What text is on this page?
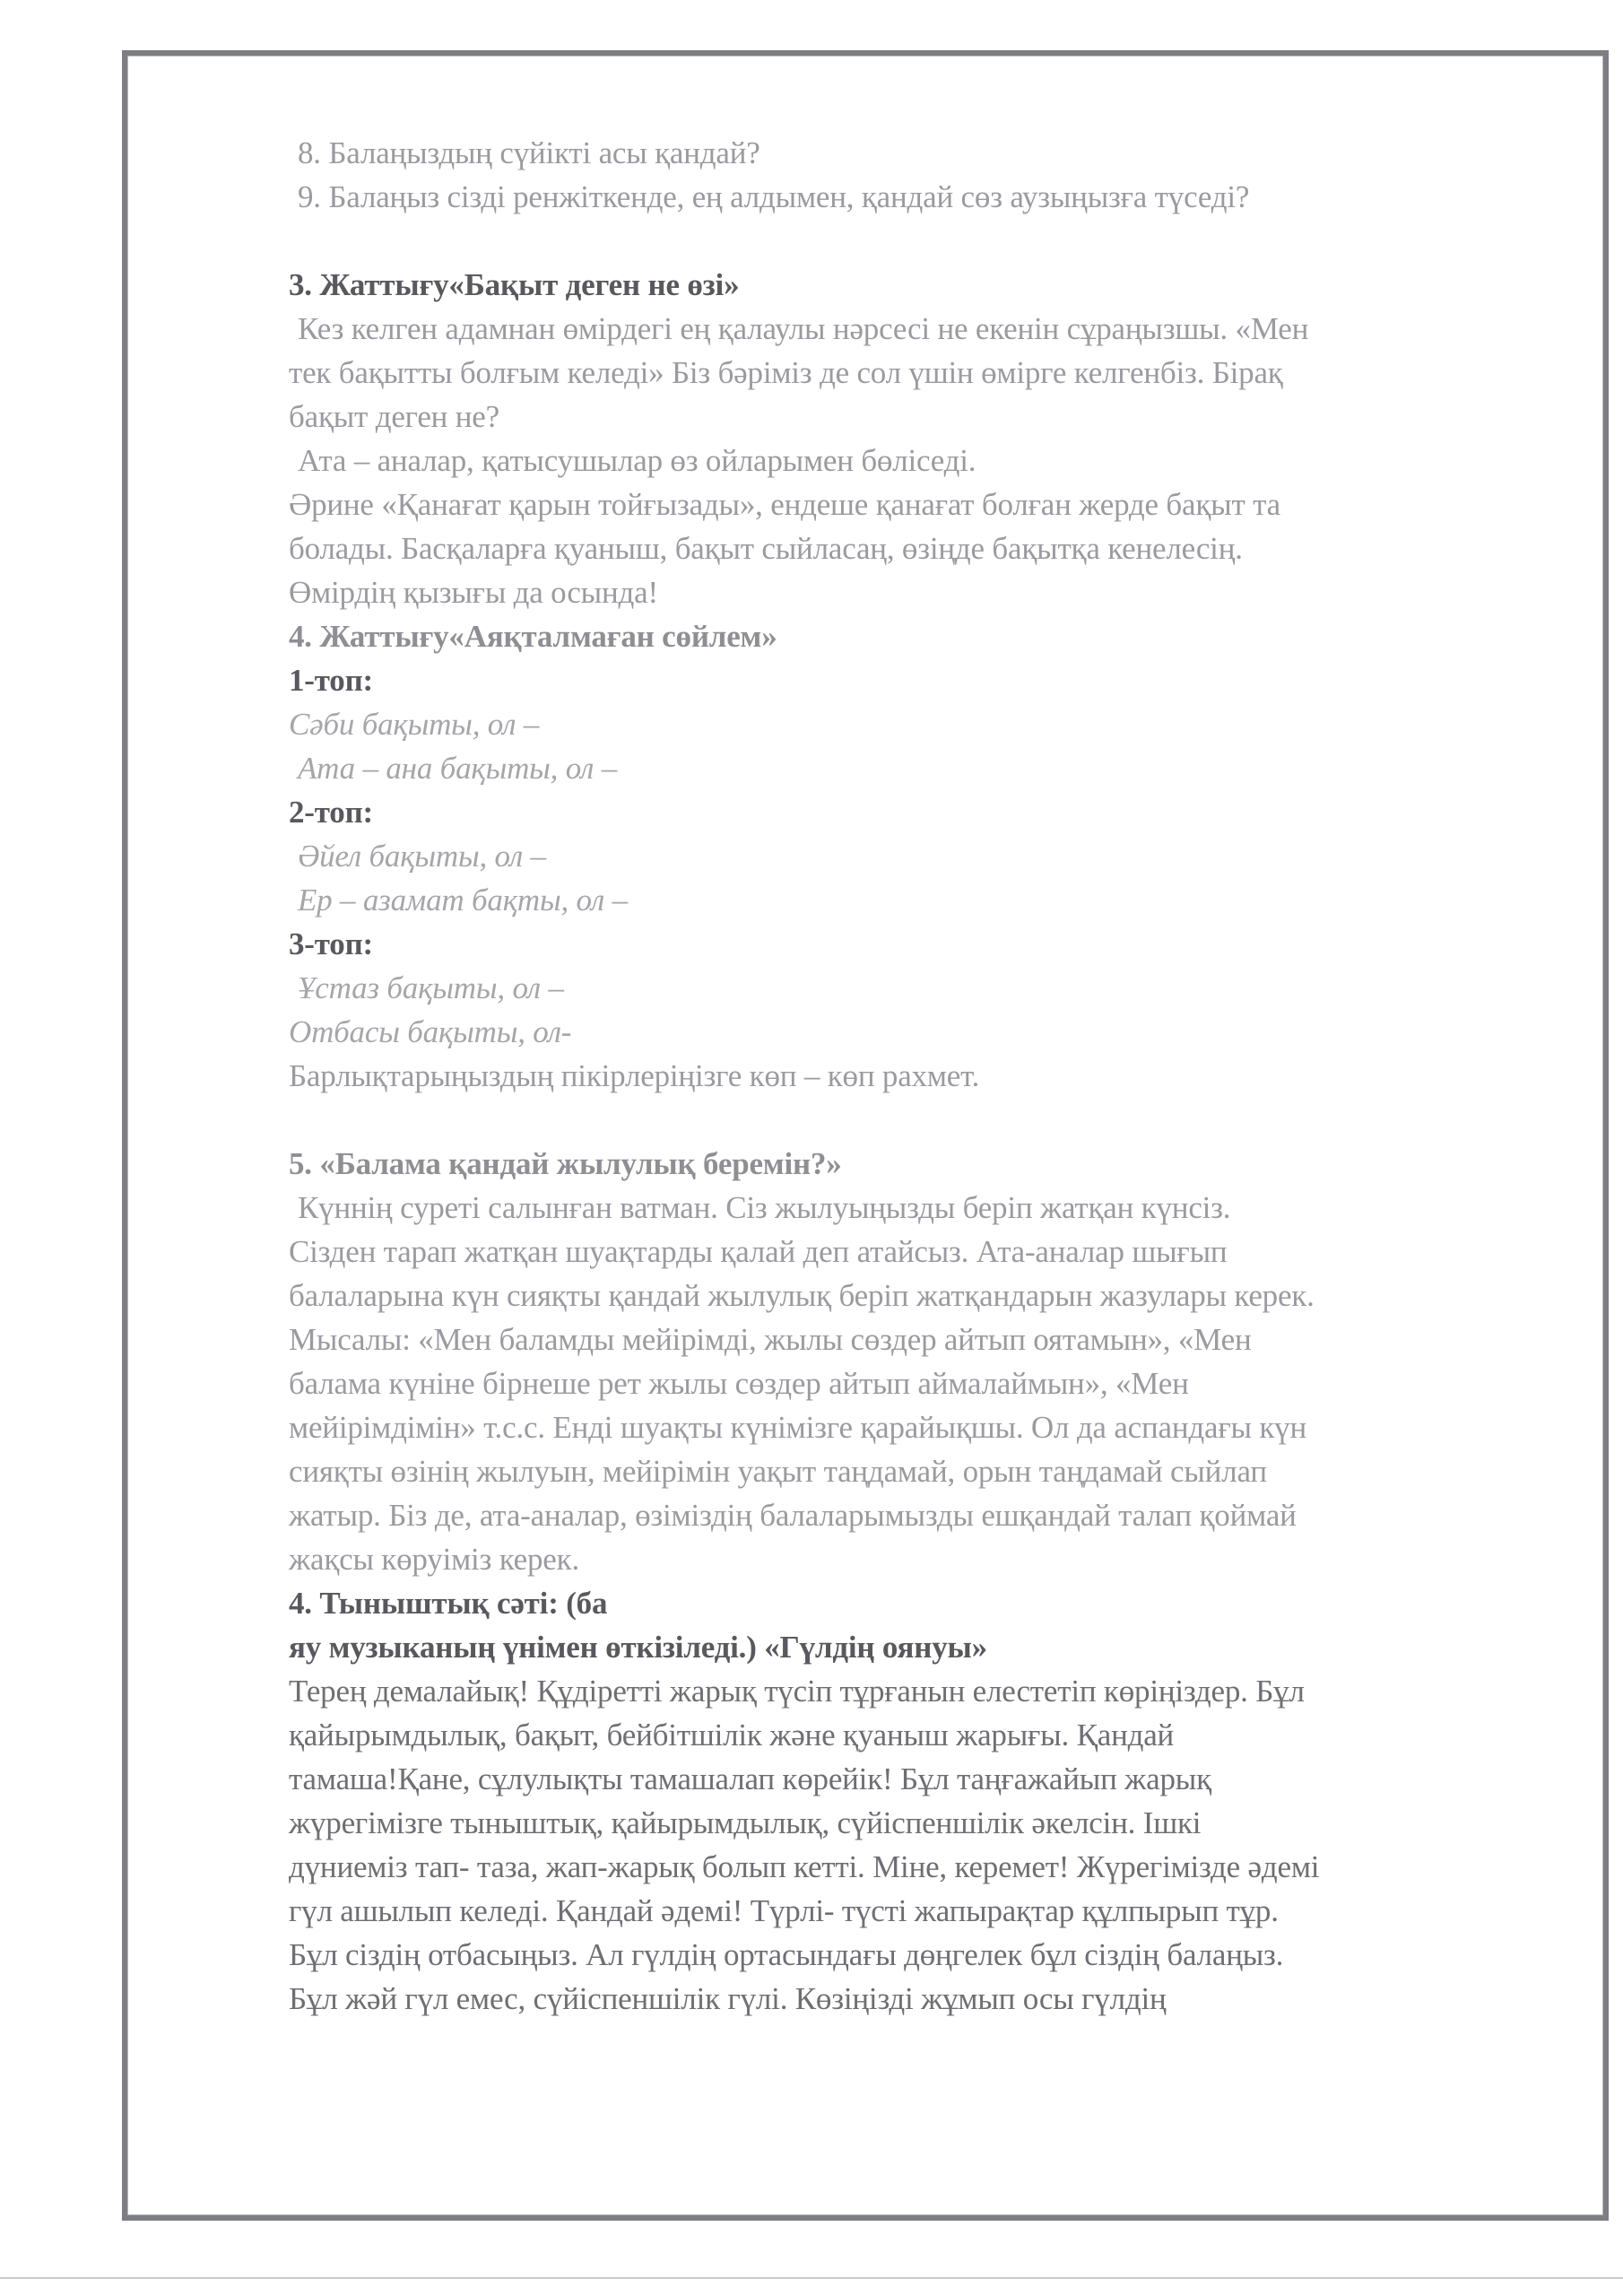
8. Балаңыздың сүйікті асы қандай?
9. Балаңыз сізді ренжіткенде, ең алдымен, қандай сөз аузыңызға түседі?
3. Жаттығу«Бақыт деген не өзі»
Кез келген адамнан өмірдегі ең қалаулы нәрсесі не екенін сұраңызшы. «Мен
тек бақытты болғым келеді» Біз бәріміз де сол үшін өмірге келгенбіз. Бірақ
бақыт деген не?
Ата – аналар, қатысушылар өз ойларымен бөліседі.
Әрине «Қанағат қарын тойғызады», ендеше қанағат болған жерде бақыт та
болады. Басқаларға қуаныш, бақыт сыйласаң, өзіңде бақытқа кенелесің.
Өмірдің қызығы да осында!
4. Жаттығу«Аяқталмаған сөйлем»
1-топ:
Сәби бақыты, ол –
Ата – ана бақыты, ол –
2-топ:
Әйел бақыты, ол –
Ер – азамат бақты, ол –
3-топ:
Ұстаз бақыты, ол –
Отбасы бақыты, ол-
Барлықтарыңыздың пікірлеріңізге көп – көп рахмет.
5. «Балама қандай жылулық беремін?»
Күннің суреті салынған ватман. Сіз жылуыңызды беріп жатқан күнсіз.
Сізден тарап жатқан шуақтарды қалай деп атайсыз. Ата-аналар шығып
балаларына күн сияқты қандай жылулық беріп жатқандарын жазулары керек.
Мысалы: «Мен баламды мейірімді, жылы сөздер айтып оятамын», «Мен
балама күніне бірнеше рет жылы сөздер айтып аймалаймын», «Мен
мейірімдімін» т.с.с. Енді шуақты күнімізге қарайықшы. Ол да аспандағы күн
сияқты өзінің жылуын, мейірімін уақыт таңдамай, орын таңдамай сыйлап
жатыр. Біз де, ата-аналар, өзіміздің балаларымызды ешқандай талап қоймай
жақсы көруіміз керек.
4. Тыныштық сәті: (ба
яу музыканың үнімен өткізіледі.) «Гүлдің оянуы»
Терең демалайық! Құдіретті жарық түсіп тұрғанын елестетіп көріңіздер. Бұл
қайырымдылық, бақыт, бейбітшілік және қуаныш жарығы. Қандай
тамаша!Қане, сұлулықты тамашалап көрейік! Бұл таңғажайып жарық
жүрегімізге тыныштық, қайырымдылық, сүйіспеншілік әкелсін. Ішкі
дүниеміз тап- таза, жап-жарық болып кетті. Міне, керемет! Жүрегімізде әдемі
гүл ашылып келеді. Қандай әдемі! Түрлі- түсті жапырақтар құлпырып тұр.
Бұл сіздің отбасыңыз. Ал гүлдің ортасындағы дөңгелек бұл сіздің балаңыз.
Бұл жәй гүл емес, сүйіспеншілік гүлі. Көзіңізді жұмып осы гүлдің
